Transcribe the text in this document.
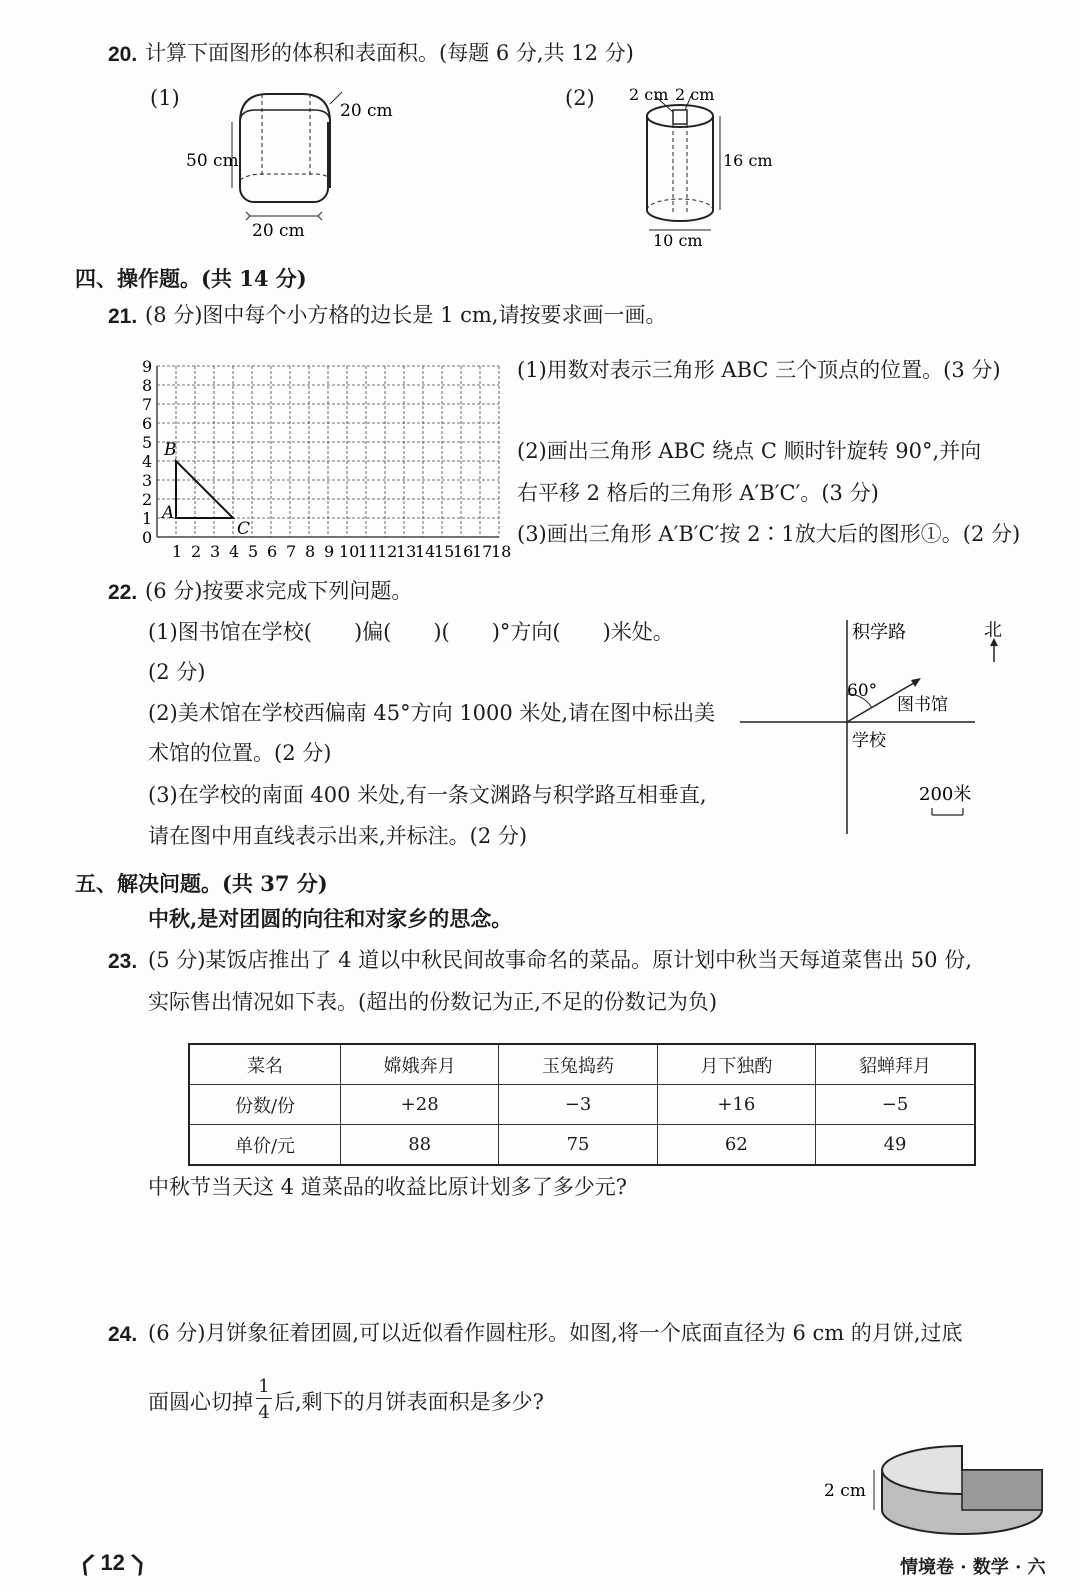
20. 计算下面图形的体积和表面积。(每题 6 分,共 12 分)
(1)
20 cm
50 cm
20 cm
(2) 2 cm 2 cm
16 cm
10 cm
四、操作题。(共 14 分)
21. (8 分)图中每个小方格的边长是 1 cm,请按要求画一画。
0
1
2
3
4
5
6
7
8
9
1 2 3 4 5 6 7 8 9 10
11
12
13
14
15
16
17
18
A
B
C
(1)用数对表示三角形 ABC 三个顶点的位置。(3 分)
(2)画出三角形 ABC 绕点 C 顺时针旋转 90°,并向
右平移 2 格后的三角形 A′B′C′。(3 分)
(3)画出三角形 A′B′C′按 2∶1放大后的图形①。(2 分)
22. (6 分)按要求完成下列问题。
(1)图书馆在学校(　　)偏(　　)(　　)°方向(　　)米处。
(2 分)
(2)美术馆在学校西偏南 45°方向 1000 米处,请在图中标出美
术馆的位置。(2 分)
(3)在学校的南面 400 米处,有一条文渊路与积学路互相垂直,
请在图中用直线表示出来,并标注。(2 分)
积学路	北
60°
图书馆
学校
200米
五、解决问题。(共 37 分)
中秋,是对团圆的向往和对家乡的思念。
23. (5 分)某饭店推出了 4 道以中秋民间故事命名的菜品。原计划中秋当天每道菜售出 50 份,
实际售出情况如下表。(超出的份数记为正,不足的份数记为负)
菜名	嫦娥奔月	玉兔捣药	月下独酌	貂蝉拜月
份数/份	+28	−3	+16	−5
单价/元	88	75	62	49
中秋节当天这 4 道菜品的收益比原计划多了多少元?
24. (6 分)月饼象征着团圆,可以近似看作圆柱形。如图,将一个底面直径为 6 cm 的月饼,过底
面圆心切掉
1
4 后,剩下的月饼表面积是多少?
2 cm
❬ 12 ❭	情境卷 · 数学 · 六
